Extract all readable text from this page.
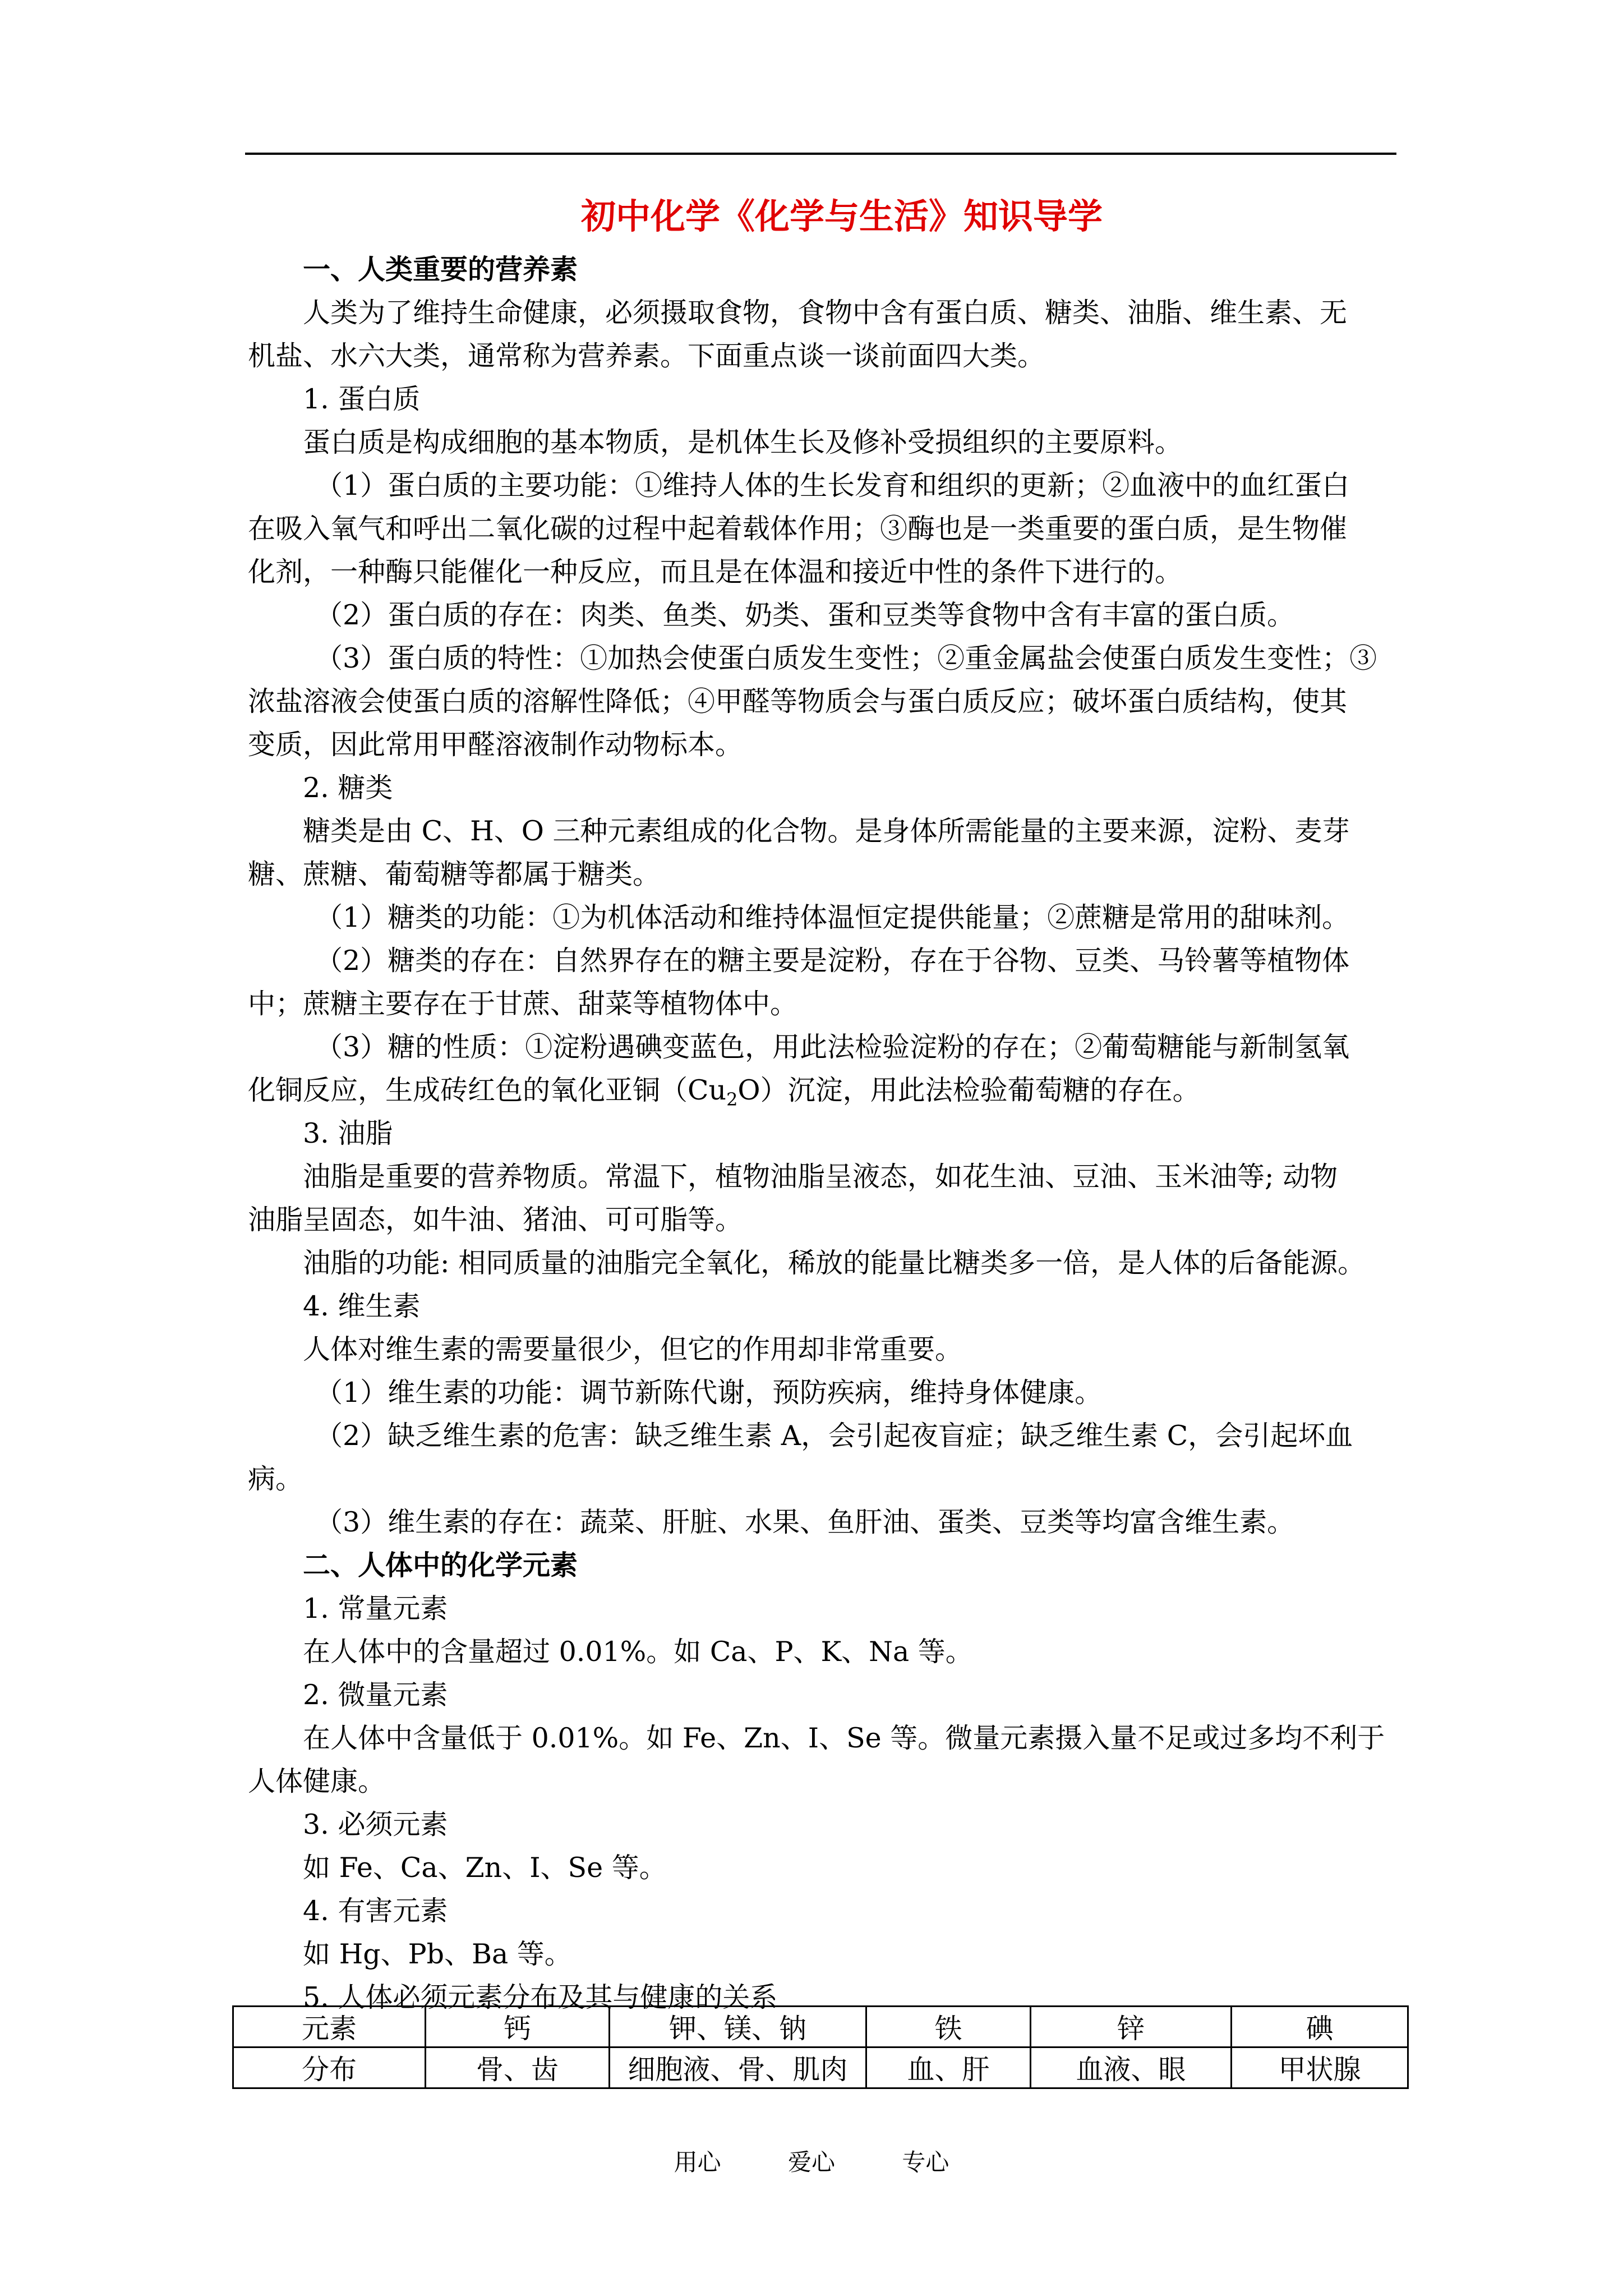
初中化学《化学与生活》知识导学
一、人类重要的营养素
人类为了维持生命健康，必须摄取食物，食物中含有蛋白质、糖类、油脂、维生素、无
机盐、水六大类，通常称为营养素。下面重点谈一谈前面四大类。
1. 蛋白质
蛋白质是构成细胞的基本物质，是机体生长及修补受损组织的主要原料。
（1）蛋白质的主要功能：①维持人体的生长发育和组织的更新；②血液中的血红蛋白
在吸入氧气和呼出二氧化碳的过程中起着载体作用；③酶也是一类重要的蛋白质，是生物催
化剂，一种酶只能催化一种反应，而且是在体温和接近中性的条件下进行的。
（2）蛋白质的存在：肉类、鱼类、奶类、蛋和豆类等食物中含有丰富的蛋白质。
（3）蛋白质的特性：①加热会使蛋白质发生变性；②重金属盐会使蛋白质发生变性；③
浓盐溶液会使蛋白质的溶解性降低；④甲醛等物质会与蛋白质反应；破坏蛋白质结构，使其
变质，因此常用甲醛溶液制作动物标本。
2. 糖类
糖类是由 C、H、O 三种元素组成的化合物。是身体所需能量的主要来源，淀粉、麦芽
糖、蔗糖、葡萄糖等都属于糖类。
（1）糖类的功能：①为机体活动和维持体温恒定提供能量；②蔗糖是常用的甜味剂。
（2）糖类的存在：自然界存在的糖主要是淀粉，存在于谷物、豆类、马铃薯等植物体
中；蔗糖主要存在于甘蔗、甜菜等植物体中。
（3）糖的性质：①淀粉遇碘变蓝色，用此法检验淀粉的存在；②葡萄糖能与新制氢氧
化铜反应，生成砖红色的氧化亚铜$(Cu_2O)$沉淀，用此法检验葡萄糖的存在。
3. 油脂
油脂是重要的营养物质。常温下，植物油脂呈液态，如花生油、豆油、玉米油等; 动物
油脂呈固态，如牛油、猪油、可可脂等。
油脂的功能: 相同质量的油脂完全氧化，稀放的能量比糖类多一倍，是人体的后备能源。
4. 维生素
人体对维生素的需要量很少，但它的作用却非常重要。
（1）维生素的功能：调节新陈代谢，预防疾病，维持身体健康。
（2）缺乏维生素的危害：缺乏维生素 A，会引起夜盲症；缺乏维生素 C，会引起坏血
病。
（3）维生素的存在：蔬菜、肝脏、水果、鱼肝油、蛋类、豆类等均富含维生素。
二、人体中的化学元素
1. 常量元素
在人体中的含量超过 0.01%。如 Ca、P、K、Na 等。
2. 微量元素
在人体中含量低于 0.01%。如 Fe、Zn、I、Se 等。微量元素摄入量不足或过多均不利于
人体健康。
3. 必须元素
如 Fe、Ca、Zn、I、Se 等。
4. 有害元素
如 Hg、Pb、Ba 等。
5. 人体必须元素分布及其与健康的关系
元素	钙	钾、镁、钠	铁	锌	碘
分布	骨、齿	细胞液、骨、肌肉	血、肝	血液、眼	甲状腺
用心	爱心	专心
